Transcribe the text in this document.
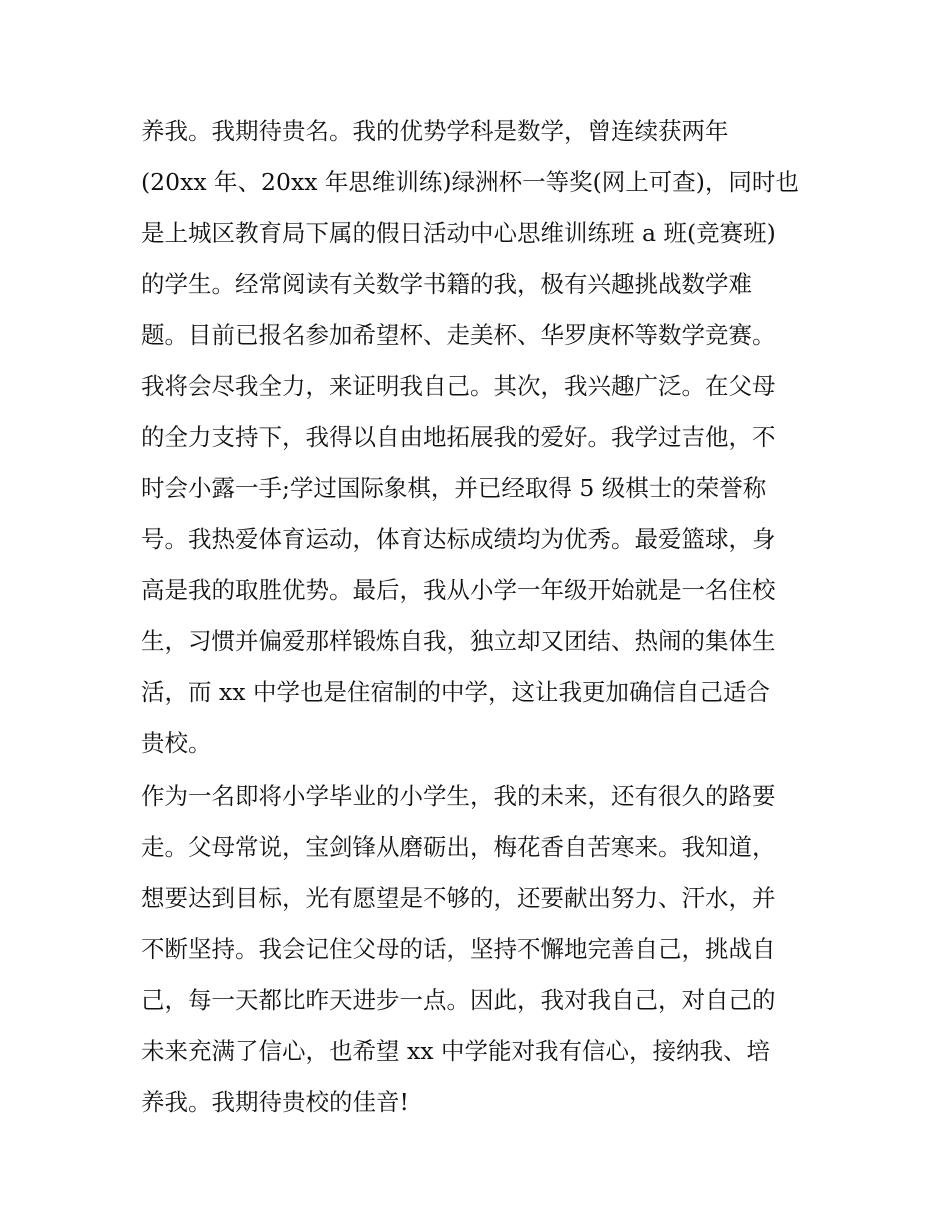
养我。我期待贵名。我的优势学科是数学，曾连续获两年

(20xx 年、20xx 年思维训练)绿洲杯一等奖(网上可查)，同时也

是上城区教育局下属的假日活动中心思维训练班 a 班(竞赛班)

的学生。经常阅读有关数学书籍的我，极有兴趣挑战数学难

题。目前已报名参加希望杯、走美杯、华罗庚杯等数学竞赛。

我将会尽我全力，来证明我自己。其次，我兴趣广泛。在父母

的全力支持下，我得以自由地拓展我的爱好。我学过吉他，不

时会小露一手;学过国际象棋，并已经取得 5 级棋士的荣誉称

号。我热爱体育运动，体育达标成绩均为优秀。最爱篮球，身

高是我的取胜优势。最后，我从小学一年级开始就是一名住校

生，习惯并偏爱那样锻炼自我，独立却又团结、热闹的集体生

活，而 xx 中学也是住宿制的中学，这让我更加确信自己适合

贵校。

作为一名即将小学毕业的小学生，我的未来，还有很久的路要

走。父母常说，宝剑锋从磨砺出，梅花香自苦寒来。我知道，

想要达到目标，光有愿望是不够的，还要献出努力、汗水，并

不断坚持。我会记住父母的话，坚持不懈地完善自己，挑战自

己，每一天都比昨天进步一点。因此，我对我自己，对自己的

未来充满了信心，也希望 xx 中学能对我有信心，接纳我、培

养我。我期待贵校的佳音!
